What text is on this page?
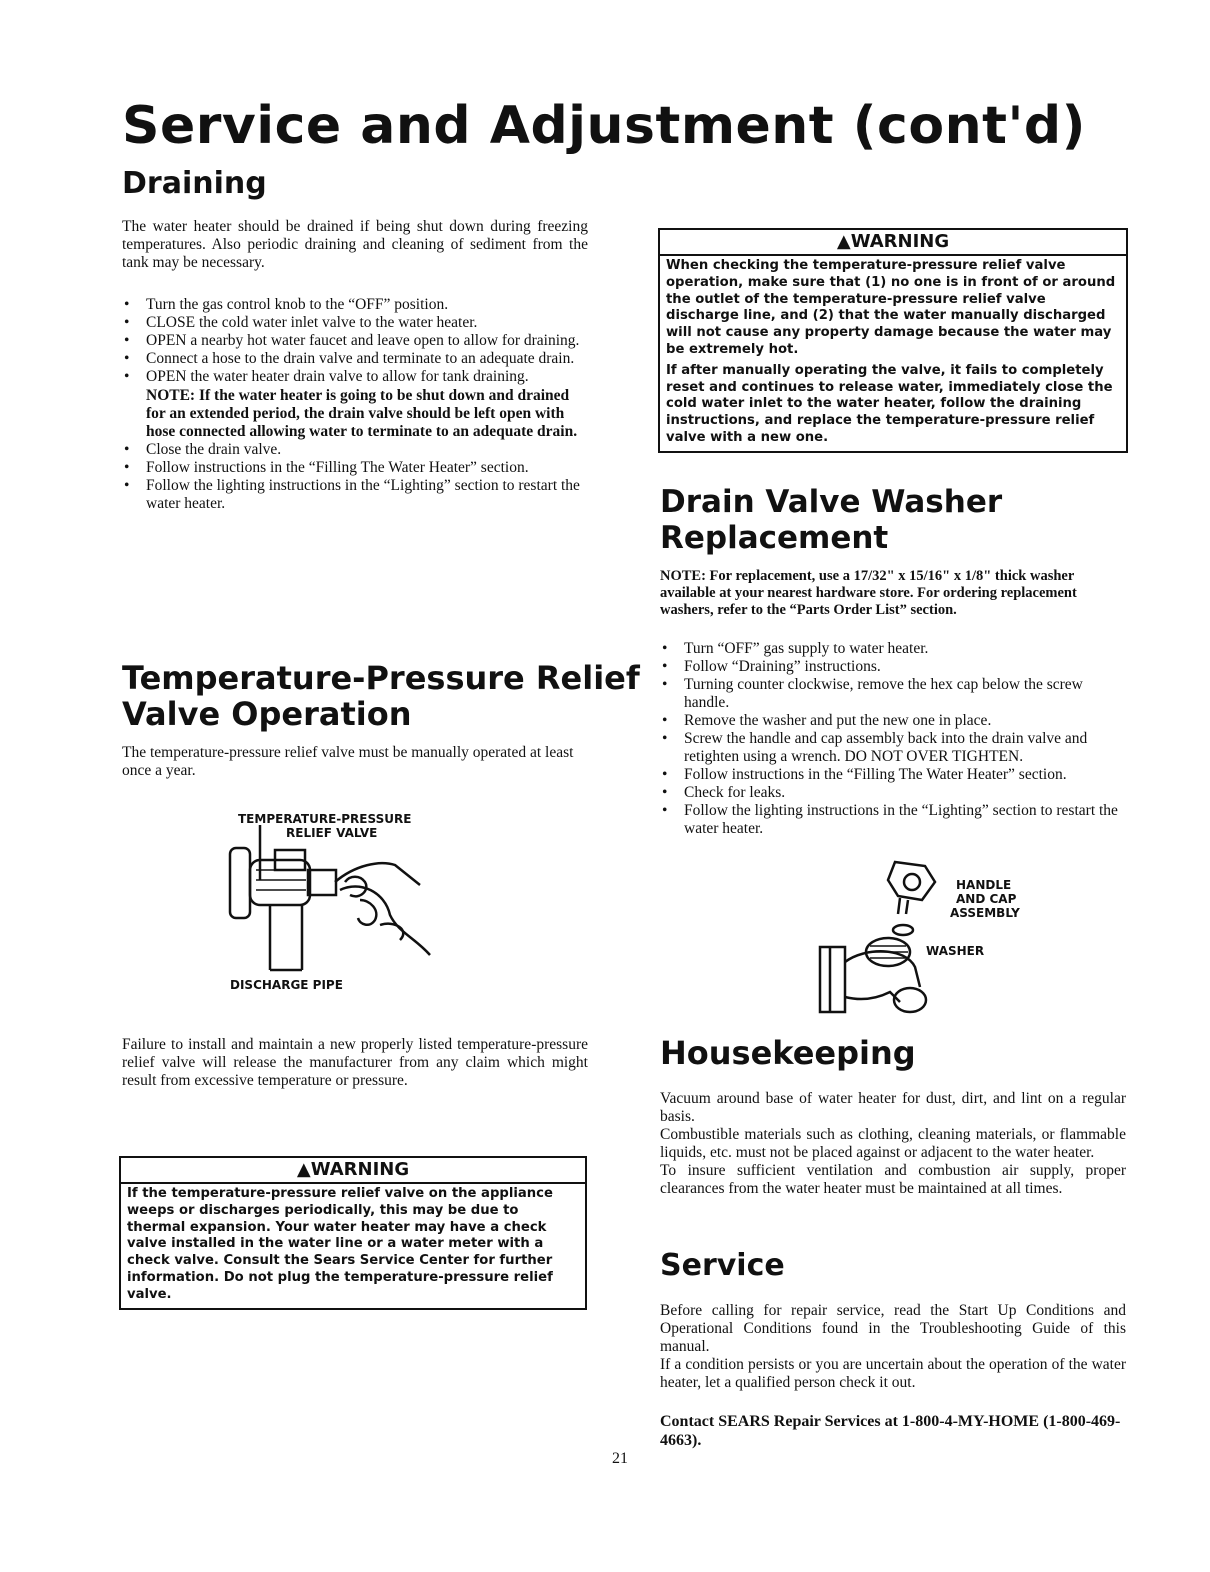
Service and Adjustment (cont'd)
Draining
The water heater should be drained if being shut down during freezing temperatures. Also periodic draining and cleaning of sediment from the tank may be necessary.
• Turn the gas control knob to the “OFF” position.
• CLOSE the cold water inlet valve to the water heater.
• OPEN a nearby hot water faucet and leave open to allow for draining.
• Connect a hose to the drain valve and terminate to an adequate drain.
• OPEN the water heater drain valve to allow for tank draining.
NOTE: If the water heater is going to be shut down and drained for an extended period, the drain valve should be left open with hose connected allowing water to terminate to an adequate drain.
• Close the drain valve.
• Follow instructions in the “Filling The Water Heater” section.
• Follow the lighting instructions in the “Lighting” section to restart the water heater.
Temperature-Pressure Relief
Valve Operation
The temperature-pressure relief valve must be manually operated at least once a year.
TEMPERATURE-PRESSURE
RELIEF VALVE
DISCHARGE PIPE
Failure to install and maintain a new properly listed temperature-pressure relief valve will release the manufacturer from any claim which might result from excessive temperature or pressure.
▲WARNING
If the temperature-pressure relief valve on the appliance weeps or discharges periodically, this may be due to thermal expansion. Your water heater may have a check valve installed in the water line or a water meter with a check valve. Consult the Sears Service Center for further information. Do not plug the temperature-pressure relief valve.
▲WARNING
When checking the temperature-pressure relief valve operation, make sure that (1) no one is in front of or around the outlet of the temperature-pressure relief valve discharge line, and (2) that the water manually discharged will not cause any property damage because the water may be extremely hot.
If after manually operating the valve, it fails to completely reset and continues to release water, immediately close the cold water inlet to the water heater, follow the draining instructions, and replace the temperature-pressure relief valve with a new one.
Drain Valve Washer
Replacement
NOTE: For replacement, use a 17/32" x 15/16" x 1/8" thick washer available at your nearest hardware store. For ordering replacement washers, refer to the “Parts Order List” section.
• Turn “OFF” gas supply to water heater.
• Follow “Draining” instructions.
• Turning counter clockwise, remove the hex cap below the screw handle.
• Remove the washer and put the new one in place.
• Screw the handle and cap assembly back into the drain valve and retighten using a wrench. DO NOT OVER TIGHTEN.
• Follow instructions in the “Filling The Water Heater” section.
• Check for leaks.
• Follow the lighting instructions in the “Lighting” section to restart the water heater.
HANDLE
AND CAP
ASSEMBLY
WASHER
Housekeeping
Vacuum around base of water heater for dust, dirt, and lint on a regular basis.
Combustible materials such as clothing, cleaning materials, or flammable liquids, etc. must not be placed against or adjacent to the water heater.
To insure sufficient ventilation and combustion air supply, proper clearances from the water heater must be maintained at all times.
Service
Before calling for repair service, read the Start Up Conditions and Operational Conditions found in the Troubleshooting Guide of this manual.
If a condition persists or you are uncertain about the operation of the water heater, let a qualified person check it out.
Contact SEARS Repair Services at 1-800-4-MY-HOME (1-800-469-4663).
21
